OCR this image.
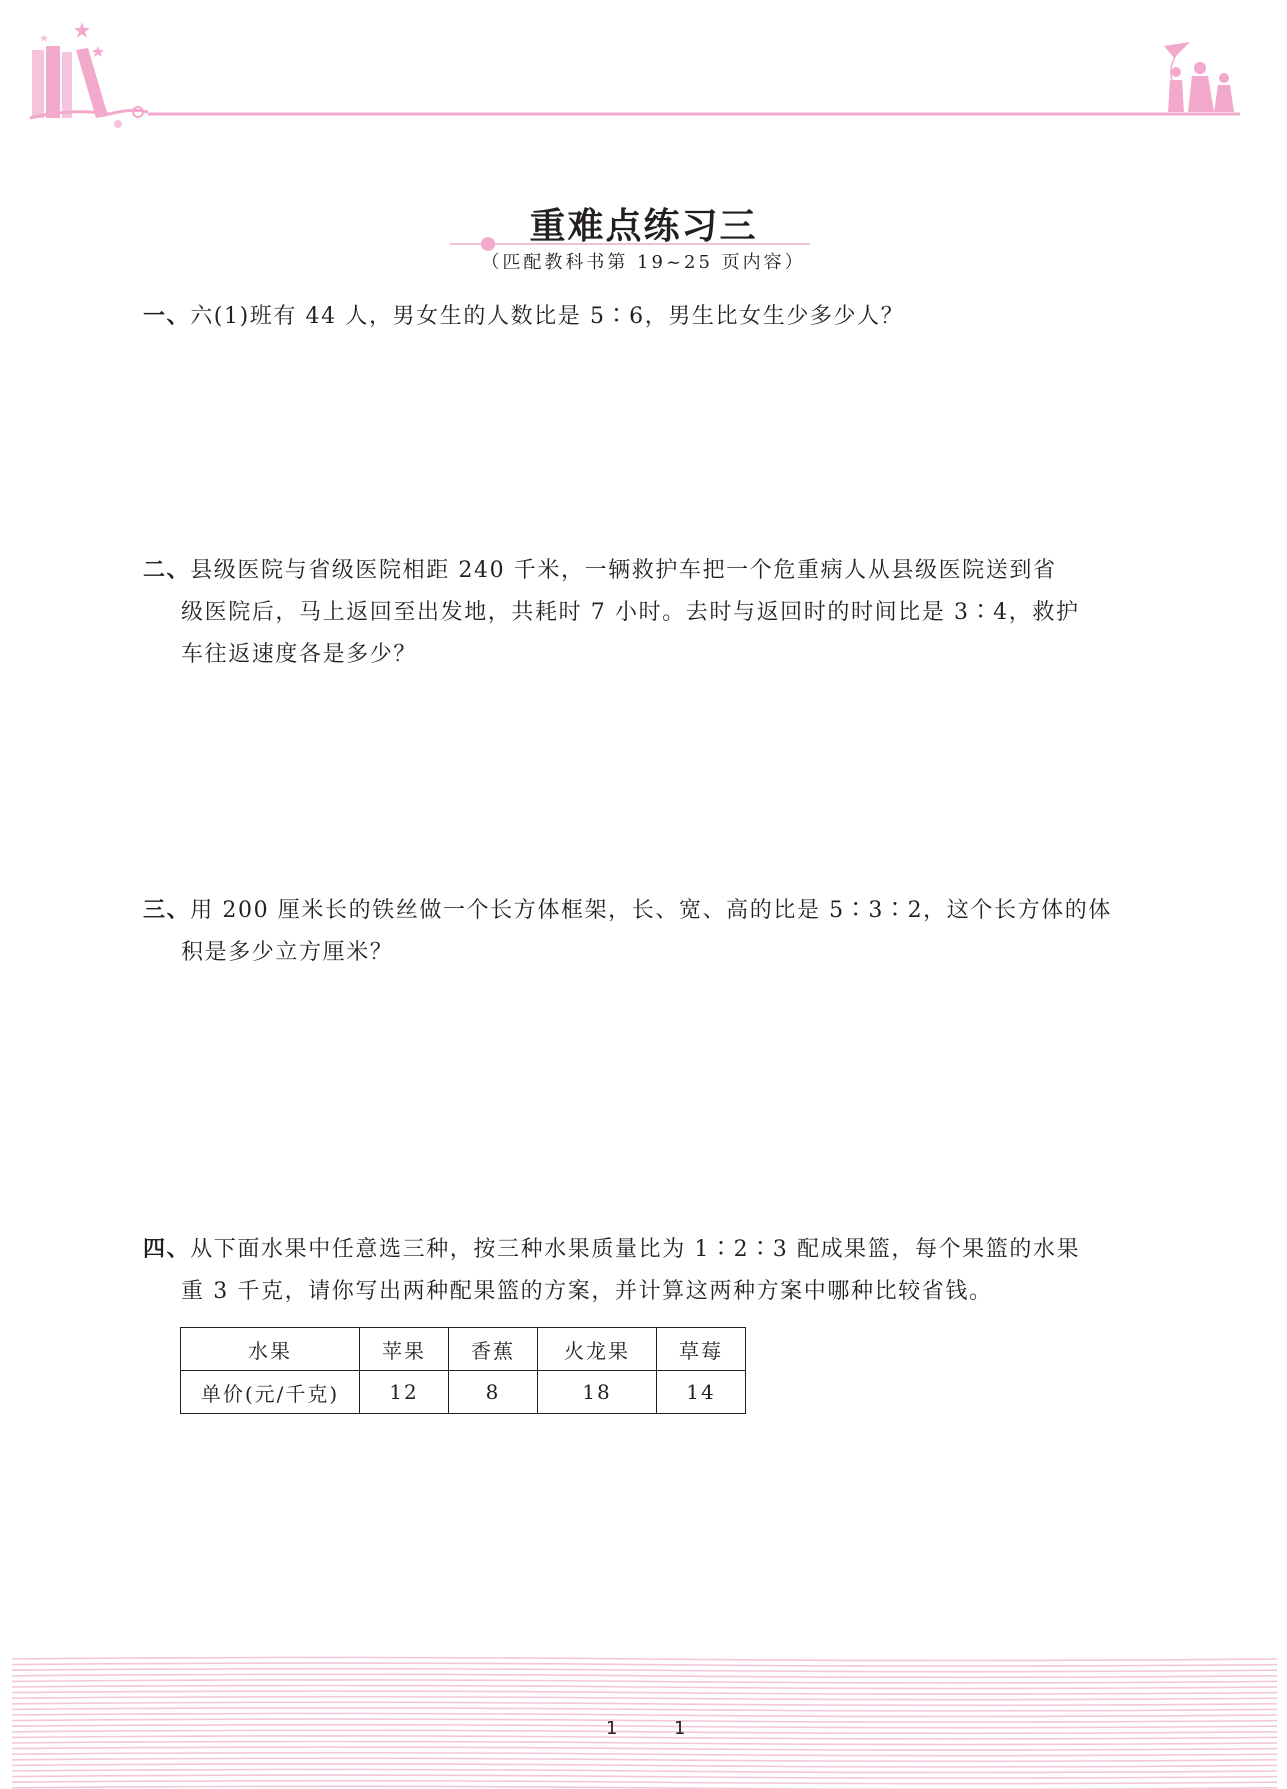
重难点练习三
（匹配教科书第 19~25 页内容）
一、六(1)班有 44 人，男女生的人数比是 5∶6，男生比女生少多少人？
二、县级医院与省级医院相距 240 千米，一辆救护车把一个危重病人从县级医院送到省
级医院后，马上返回至出发地，共耗时 7 小时。去时与返回时的时间比是 3∶4，救护
车往返速度各是多少？
三、用 200 厘米长的铁丝做一个长方体框架，长、宽、高的比是 5∶3∶2，这个长方体的体
积是多少立方厘米？
四、从下面水果中任意选三种，按三种水果质量比为 1∶2∶3 配成果篮，每个果篮的水果
重 3 千克，请你写出两种配果篮的方案，并计算这两种方案中哪种比较省钱。
水果	苹果	香蕉	火龙果	草莓
单价(元/千克)	12	8	18	14
1	1
